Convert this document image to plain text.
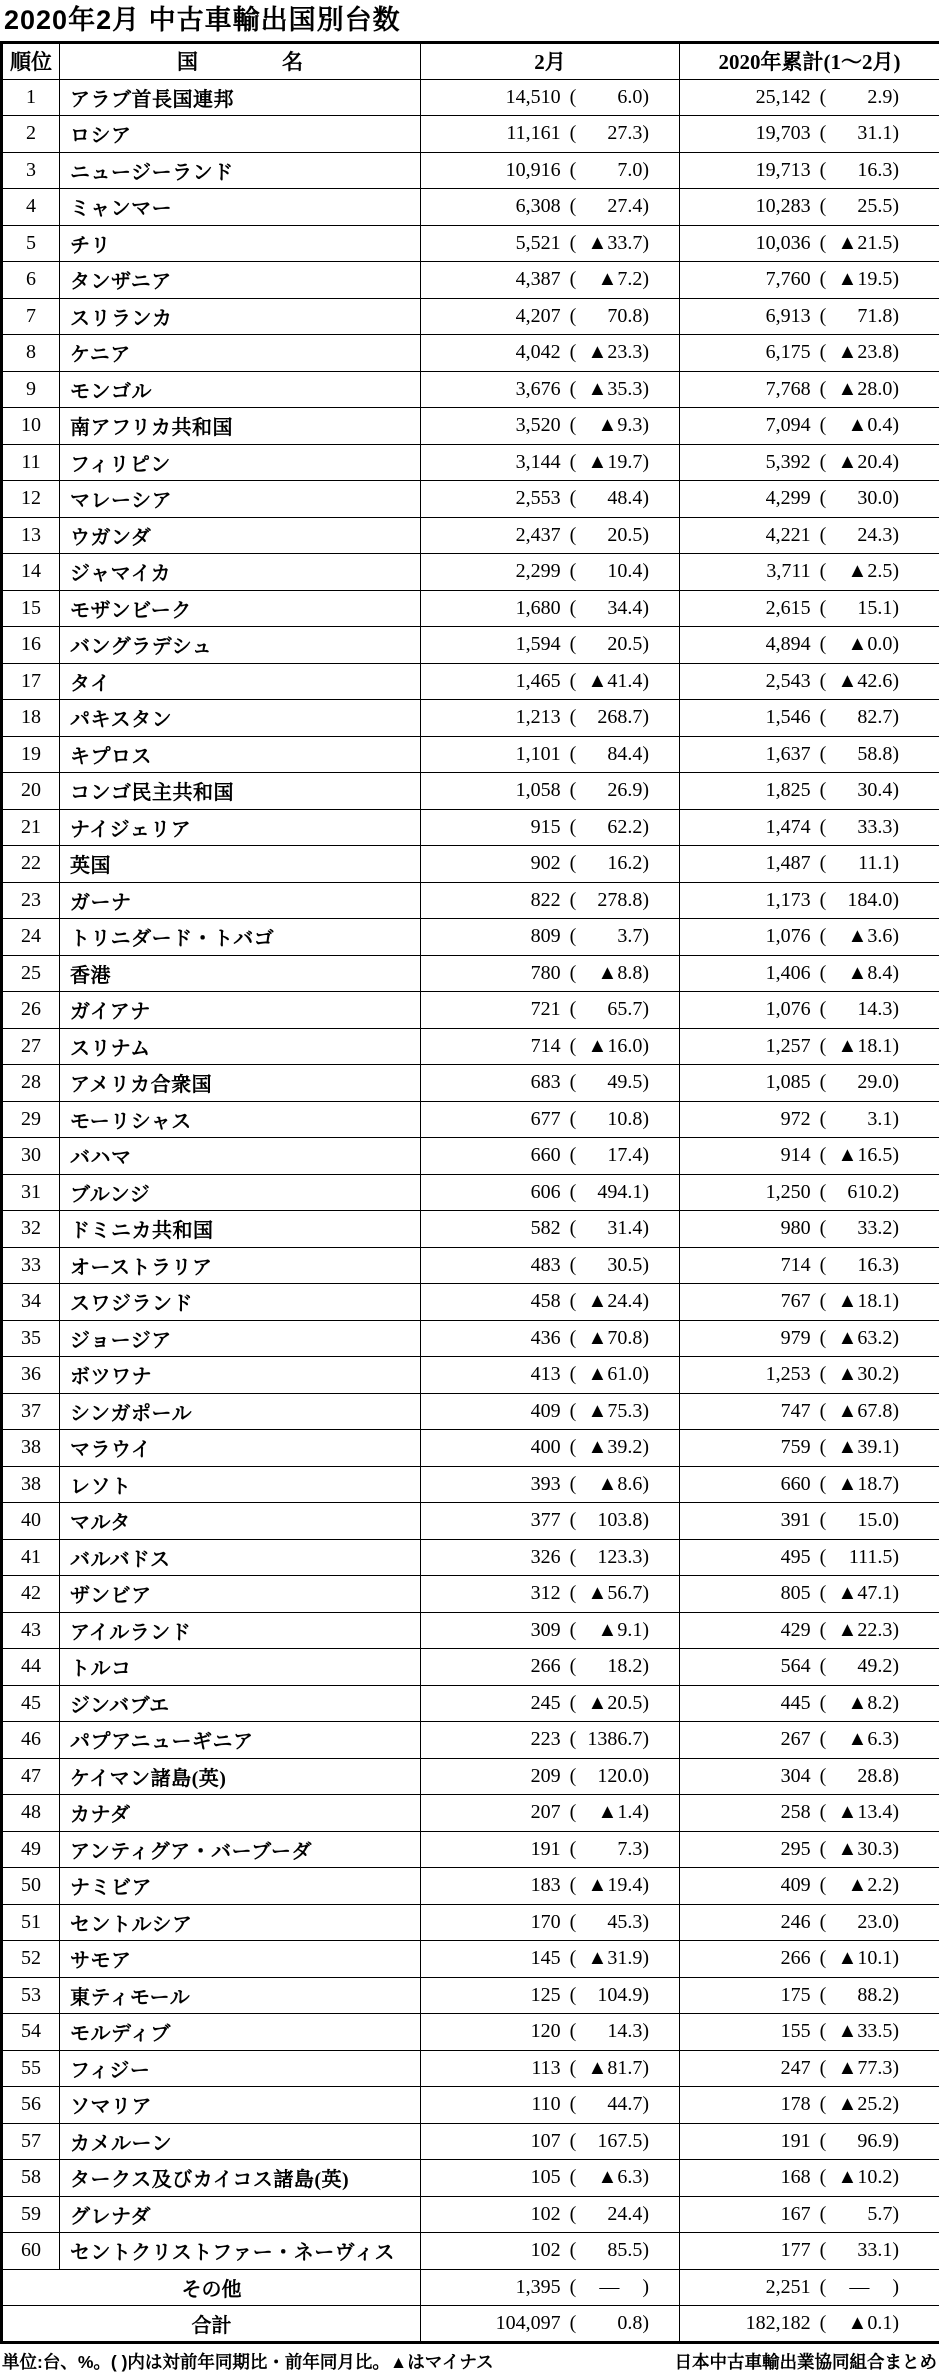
2020年2月 中古車輸出国別台数
順位	国　　　　名	2月	2020年累計(1〜2月)
1	アラブ首長国連邦	14,510 ( 6.0 )	25,142 ( 2.9 )

2	ロシア	11,161 ( 27.3 )	19,703 ( 31.1 )

3	ニュージーランド	10,916 ( 7.0 )	19,713 ( 16.3 )

4	ミャンマー	6,308 ( 27.4 )	10,283 ( 25.5 )

5	チリ	5,521 ( ▲33.7 )	10,036 ( ▲21.5 )

6	タンザニア	4,387 ( ▲7.2 )	7,760 ( ▲19.5 )

7	スリランカ	4,207 ( 70.8 )	6,913 ( 71.8 )

8	ケニア	4,042 ( ▲23.3 )	6,175 ( ▲23.8 )

9	モンゴル	3,676 ( ▲35.3 )	7,768 ( ▲28.0 )

10	南アフリカ共和国	3,520 ( ▲9.3 )	7,094 ( ▲0.4 )

11	フィリピン	3,144 ( ▲19.7 )	5,392 ( ▲20.4 )

12	マレーシア	2,553 ( 48.4 )	4,299 ( 30.0 )

13	ウガンダ	2,437 ( 20.5 )	4,221 ( 24.3 )

14	ジャマイカ	2,299 ( 10.4 )	3,711 ( ▲2.5 )

15	モザンビーク	1,680 ( 34.4 )	2,615 ( 15.1 )

16	バングラデシュ	1,594 ( 20.5 )	4,894 ( ▲0.0 )

17	タイ	1,465 ( ▲41.4 )	2,543 ( ▲42.6 )

18	パキスタン	1,213 ( 268.7 )	1,546 ( 82.7 )

19	キプロス	1,101 ( 84.4 )	1,637 ( 58.8 )

20	コンゴ民主共和国	1,058 ( 26.9 )	1,825 ( 30.4 )

21	ナイジェリア	915 ( 62.2 )	1,474 ( 33.3 )

22	英国	902 ( 16.2 )	1,487 ( 11.1 )

23	ガーナ	822 ( 278.8 )	1,173 ( 184.0 )

24	トリニダード・トバゴ	809 ( 3.7 )	1,076 ( ▲3.6 )

25	香港	780 ( ▲8.8 )	1,406 ( ▲8.4 )

26	ガイアナ	721 ( 65.7 )	1,076 ( 14.3 )

27	スリナム	714 ( ▲16.0 )	1,257 ( ▲18.1 )

28	アメリカ合衆国	683 ( 49.5 )	1,085 ( 29.0 )

29	モーリシャス	677 ( 10.8 )	972 ( 3.1 )

30	バハマ	660 ( 17.4 )	914 ( ▲16.5 )

31	ブルンジ	606 ( 494.1 )	1,250 ( 610.2 )

32	ドミニカ共和国	582 ( 31.4 )	980 ( 33.2 )

33	オーストラリア	483 ( 30.5 )	714 ( 16.3 )

34	スワジランド	458 ( ▲24.4 )	767 ( ▲18.1 )

35	ジョージア	436 ( ▲70.8 )	979 ( ▲63.2 )

36	ボツワナ	413 ( ▲61.0 )	1,253 ( ▲30.2 )

37	シンガポール	409 ( ▲75.3 )	747 ( ▲67.8 )

38	マラウイ	400 ( ▲39.2 )	759 ( ▲39.1 )

38	レソト	393 ( ▲8.6 )	660 ( ▲18.7 )

40	マルタ	377 ( 103.8 )	391 ( 15.0 )

41	バルバドス	326 ( 123.3 )	495 ( 111.5 )

42	ザンビア	312 ( ▲56.7 )	805 ( ▲47.1 )

43	アイルランド	309 ( ▲9.1 )	429 ( ▲22.3 )

44	トルコ	266 ( 18.2 )	564 ( 49.2 )

45	ジンバブエ	245 ( ▲20.5 )	445 ( ▲8.2 )

46	パプアニューギニア	223 ( 1386.7 )	267 ( ▲6.3 )

47	ケイマン諸島(英)	209 ( 120.0 )	304 ( 28.8 )

48	カナダ	207 ( ▲1.4 )	258 ( ▲13.4 )

49	アンティグア・バーブーダ	191 ( 7.3 )	295 ( ▲30.3 )

50	ナミビア	183 ( ▲19.4 )	409 ( ▲2.2 )

51	セントルシア	170 ( 45.3 )	246 ( 23.0 )

52	サモア	145 ( ▲31.9 )	266 ( ▲10.1 )

53	東ティモール	125 ( 104.9 )	175 ( 88.2 )

54	モルディブ	120 ( 14.3 )	155 ( ▲33.5 )

55	フィジー	113 ( ▲81.7 )	247 ( ▲77.3 )

56	ソマリア	110 ( 44.7 )	178 ( ▲25.2 )

57	カメルーン	107 ( 167.5 )	191 ( 96.9 )

58	タークス及びカイコス諸島(英)	105 ( ▲6.3 )	168 ( ▲10.2 )

59	グレナダ	102 ( 24.4 )	167 ( 5.7 )

60	セントクリストファー・ネーヴィス	102 ( 85.5 )	177 ( 33.1 )

その他		1,395 ( — )	2,251 ( — )

合計		104,097 ( 0.8 )	182,182 ( ▲0.1 )
単位:台、%。( )内は対前年同期比・前年同月比。▲はマイナス	日本中古車輸出業協同組合まとめ
